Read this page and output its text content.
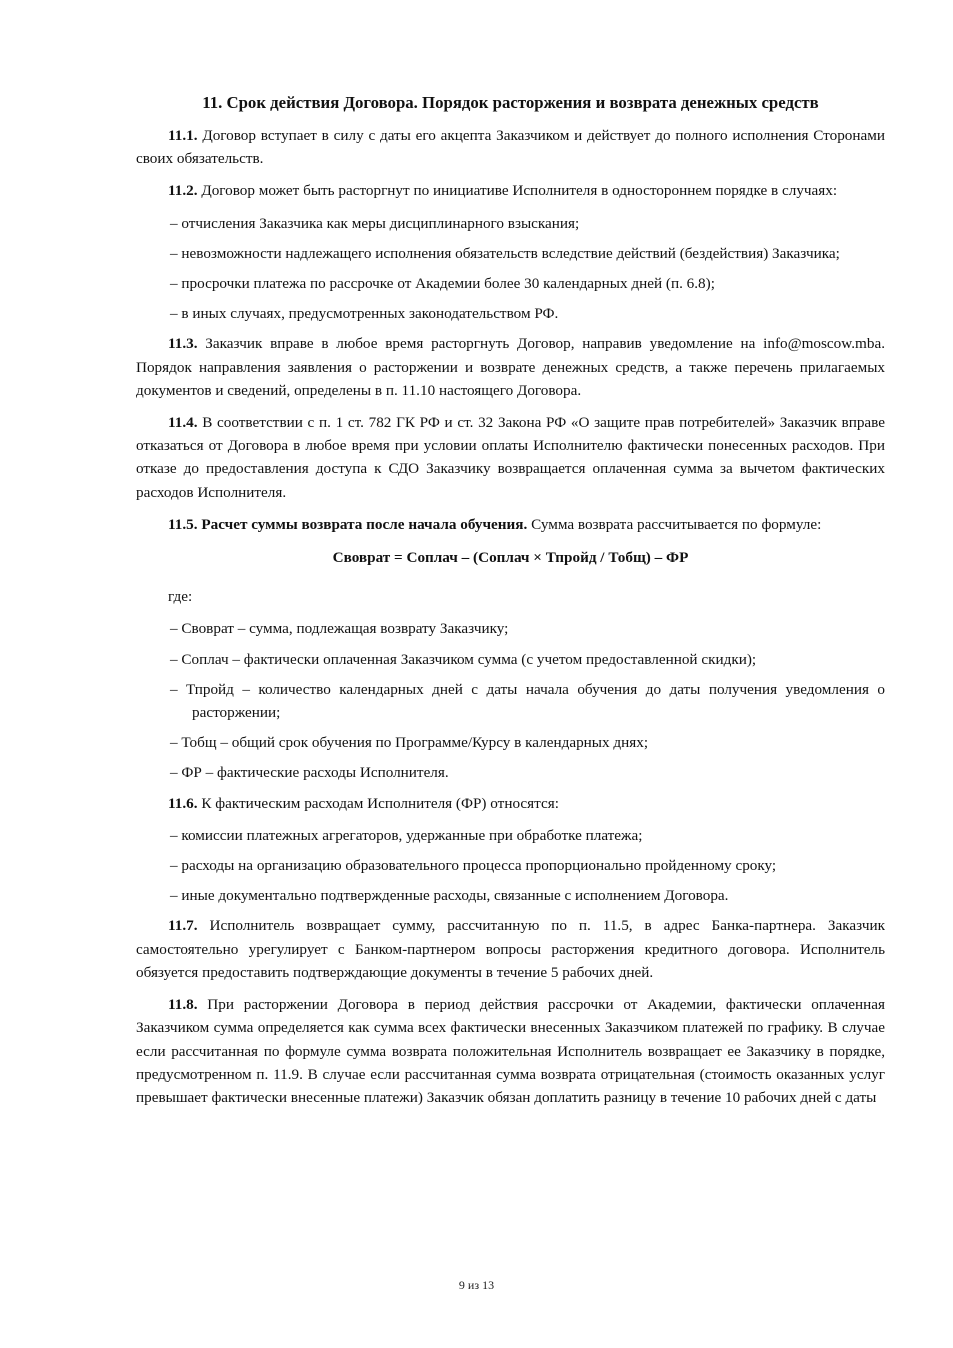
11. Срок действия Договора. Порядок расторжения и возврата денежных средств

11.1. Договор вступает в силу с даты его акцепта Заказчиком и действует до полного исполнения Сторонами своих обязательств.

11.2. Договор может быть расторгнут по инициативе Исполнителя в одностороннем порядке в случаях:

– отчисления Заказчика как меры дисциплинарного взыскания;

– невозможности надлежащего исполнения обязательств вследствие действий (бездействия) Заказчика;

– просрочки платежа по рассрочке от Академии более 30 календарных дней (п. 6.8);

– в иных случаях, предусмотренных законодательством РФ.

11.3. Заказчик вправе в любое время расторгнуть Договор, направив уведомление на info@moscow.mba. Порядок направления заявления о расторжении и возврате денежных средств, а также перечень прилагаемых документов и сведений, определены в п. 11.10 настоящего Договора.

11.4. В соответствии с п. 1 ст. 782 ГК РФ и ст. 32 Закона РФ «О защите прав потребителей» Заказчик вправе отказаться от Договора в любое время при условии оплаты Исполнителю фактически понесенных расходов. При отказе до предоставления доступа к СДО Заказчику возвращается оплаченная сумма за вычетом фактических расходов Исполнителя.

11.5. Расчет суммы возврата после начала обучения. Сумма возврата рассчитывается по формуле:

Своврат = Соплач – (Соплач × Тпройд / Тобщ) – ФР

где:

– Своврат – сумма, подлежащая возврату Заказчику;

– Соплач – фактически оплаченная Заказчиком сумма (с учетом предоставленной скидки);

– Тпройд – количество календарных дней с даты начала обучения до даты получения уведомления о расторжении;

– Тобщ – общий срок обучения по Программе/Курсу в календарных днях;

– ФР – фактические расходы Исполнителя.

11.6. К фактическим расходам Исполнителя (ФР) относятся:

– комиссии платежных агрегаторов, удержанные при обработке платежа;

– расходы на организацию образовательного процесса пропорционально пройденному сроку;

– иные документально подтвержденные расходы, связанные с исполнением Договора.

11.7. Исполнитель возвращает сумму, рассчитанную по п. 11.5, в адрес Банка-партнера. Заказчик самостоятельно урегулирует с Банком-партнером вопросы расторжения кредитного договора. Исполнитель обязуется предоставить подтверждающие документы в течение 5 рабочих дней.

11.8. При расторжении Договора в период действия рассрочки от Академии, фактически оплаченная Заказчиком сумма определяется как сумма всех фактически внесенных Заказчиком платежей по графику. В случае если рассчитанная по формуле сумма возврата положительная Исполнитель возвращает ее Заказчику в порядке, предусмотренном п. 11.9. В случае если рассчитанная сумма возврата отрицательная (стоимость оказанных услуг превышает фактически внесенные платежи) Заказчик обязан доплатить разницу в течение 10 рабочих дней с даты

9 из 13
